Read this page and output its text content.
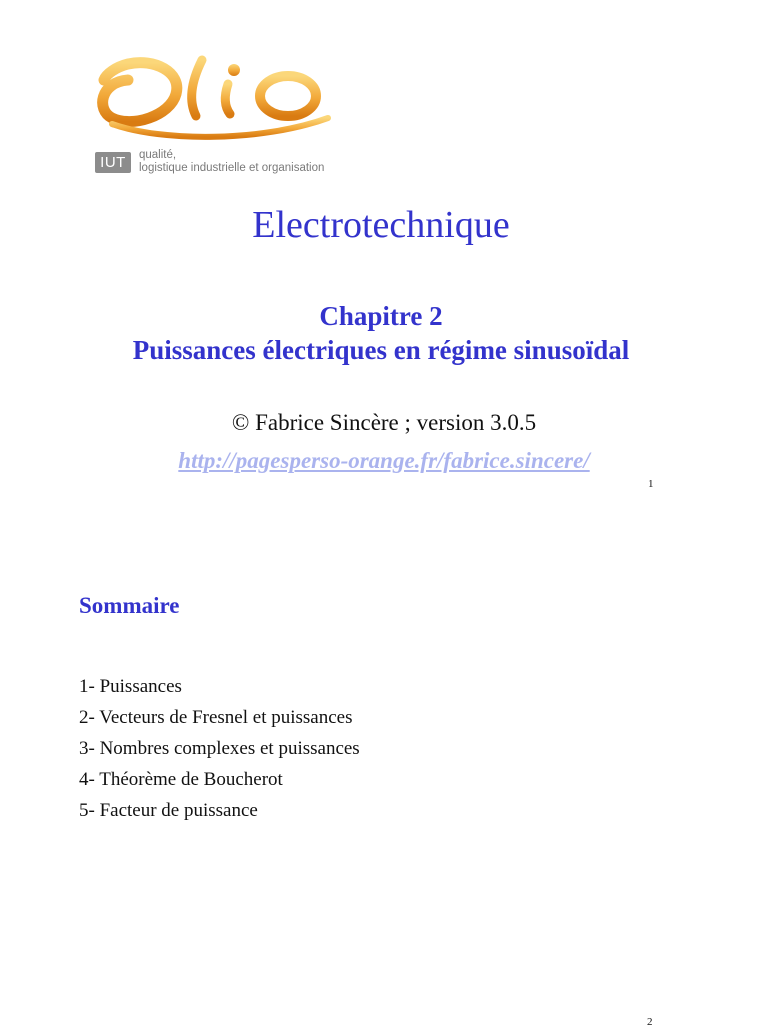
IUT	qualité,
logistique industrielle et organisation
Electrotechnique
Chapitre 2
Puissances électriques en régime sinusoïdal
© Fabrice Sincère ; version 3.0.5
http://pagesperso-orange.fr/fabrice.sincere/
1
Sommaire
1- Puissances
2- Vecteurs de Fresnel et puissances
3- Nombres complexes et puissances
4- Théorème de Boucherot
5- Facteur de puissance
2
